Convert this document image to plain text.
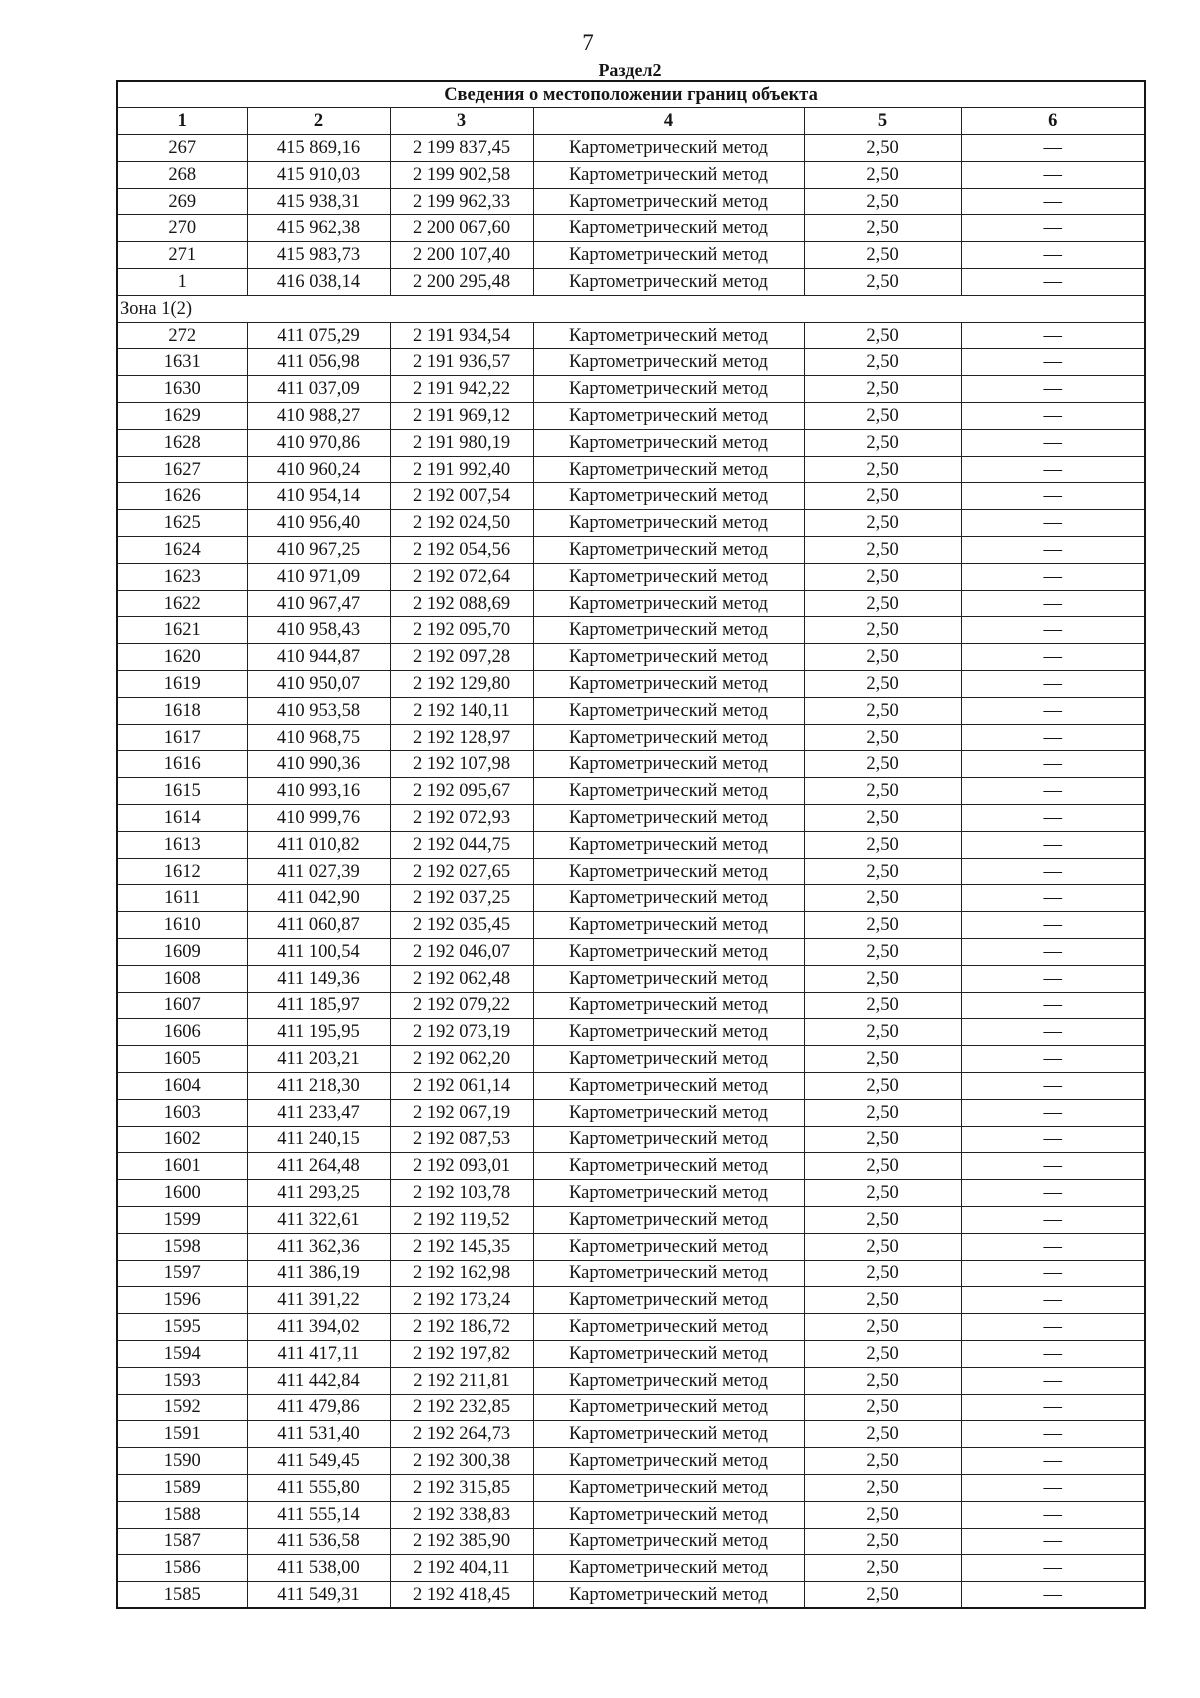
7
Раздел2
Сведения о местоположении границ объекта					
1	2	3	4	5	6
267	415 869,16	2 199 837,45	Картометрический метод	2,50	—
268	415 910,03	2 199 902,58	Картометрический метод	2,50	—
269	415 938,31	2 199 962,33	Картометрический метод	2,50	—
270	415 962,38	2 200 067,60	Картометрический метод	2,50	—
271	415 983,73	2 200 107,40	Картометрический метод	2,50	—
1	416 038,14	2 200 295,48	Картометрический метод	2,50	—
Зона 1(2)					
272	411 075,29	2 191 934,54	Картометрический метод	2,50	—
1631	411 056,98	2 191 936,57	Картометрический метод	2,50	—
1630	411 037,09	2 191 942,22	Картометрический метод	2,50	—
1629	410 988,27	2 191 969,12	Картометрический метод	2,50	—
1628	410 970,86	2 191 980,19	Картометрический метод	2,50	—
1627	410 960,24	2 191 992,40	Картометрический метод	2,50	—
1626	410 954,14	2 192 007,54	Картометрический метод	2,50	—
1625	410 956,40	2 192 024,50	Картометрический метод	2,50	—
1624	410 967,25	2 192 054,56	Картометрический метод	2,50	—
1623	410 971,09	2 192 072,64	Картометрический метод	2,50	—
1622	410 967,47	2 192 088,69	Картометрический метод	2,50	—
1621	410 958,43	2 192 095,70	Картометрический метод	2,50	—
1620	410 944,87	2 192 097,28	Картометрический метод	2,50	—
1619	410 950,07	2 192 129,80	Картометрический метод	2,50	—
1618	410 953,58	2 192 140,11	Картометрический метод	2,50	—
1617	410 968,75	2 192 128,97	Картометрический метод	2,50	—
1616	410 990,36	2 192 107,98	Картометрический метод	2,50	—
1615	410 993,16	2 192 095,67	Картометрический метод	2,50	—
1614	410 999,76	2 192 072,93	Картометрический метод	2,50	—
1613	411 010,82	2 192 044,75	Картометрический метод	2,50	—
1612	411 027,39	2 192 027,65	Картометрический метод	2,50	—
1611	411 042,90	2 192 037,25	Картометрический метод	2,50	—
1610	411 060,87	2 192 035,45	Картометрический метод	2,50	—
1609	411 100,54	2 192 046,07	Картометрический метод	2,50	—
1608	411 149,36	2 192 062,48	Картометрический метод	2,50	—
1607	411 185,97	2 192 079,22	Картометрический метод	2,50	—
1606	411 195,95	2 192 073,19	Картометрический метод	2,50	—
1605	411 203,21	2 192 062,20	Картометрический метод	2,50	—
1604	411 218,30	2 192 061,14	Картометрический метод	2,50	—
1603	411 233,47	2 192 067,19	Картометрический метод	2,50	—
1602	411 240,15	2 192 087,53	Картометрический метод	2,50	—
1601	411 264,48	2 192 093,01	Картометрический метод	2,50	—
1600	411 293,25	2 192 103,78	Картометрический метод	2,50	—
1599	411 322,61	2 192 119,52	Картометрический метод	2,50	—
1598	411 362,36	2 192 145,35	Картометрический метод	2,50	—
1597	411 386,19	2 192 162,98	Картометрический метод	2,50	—
1596	411 391,22	2 192 173,24	Картометрический метод	2,50	—
1595	411 394,02	2 192 186,72	Картометрический метод	2,50	—
1594	411 417,11	2 192 197,82	Картометрический метод	2,50	—
1593	411 442,84	2 192 211,81	Картометрический метод	2,50	—
1592	411 479,86	2 192 232,85	Картометрический метод	2,50	—
1591	411 531,40	2 192 264,73	Картометрический метод	2,50	—
1590	411 549,45	2 192 300,38	Картометрический метод	2,50	—
1589	411 555,80	2 192 315,85	Картометрический метод	2,50	—
1588	411 555,14	2 192 338,83	Картометрический метод	2,50	—
1587	411 536,58	2 192 385,90	Картометрический метод	2,50	—
1586	411 538,00	2 192 404,11	Картометрический метод	2,50	—
1585	411 549,31	2 192 418,45	Картометрический метод	2,50	—
